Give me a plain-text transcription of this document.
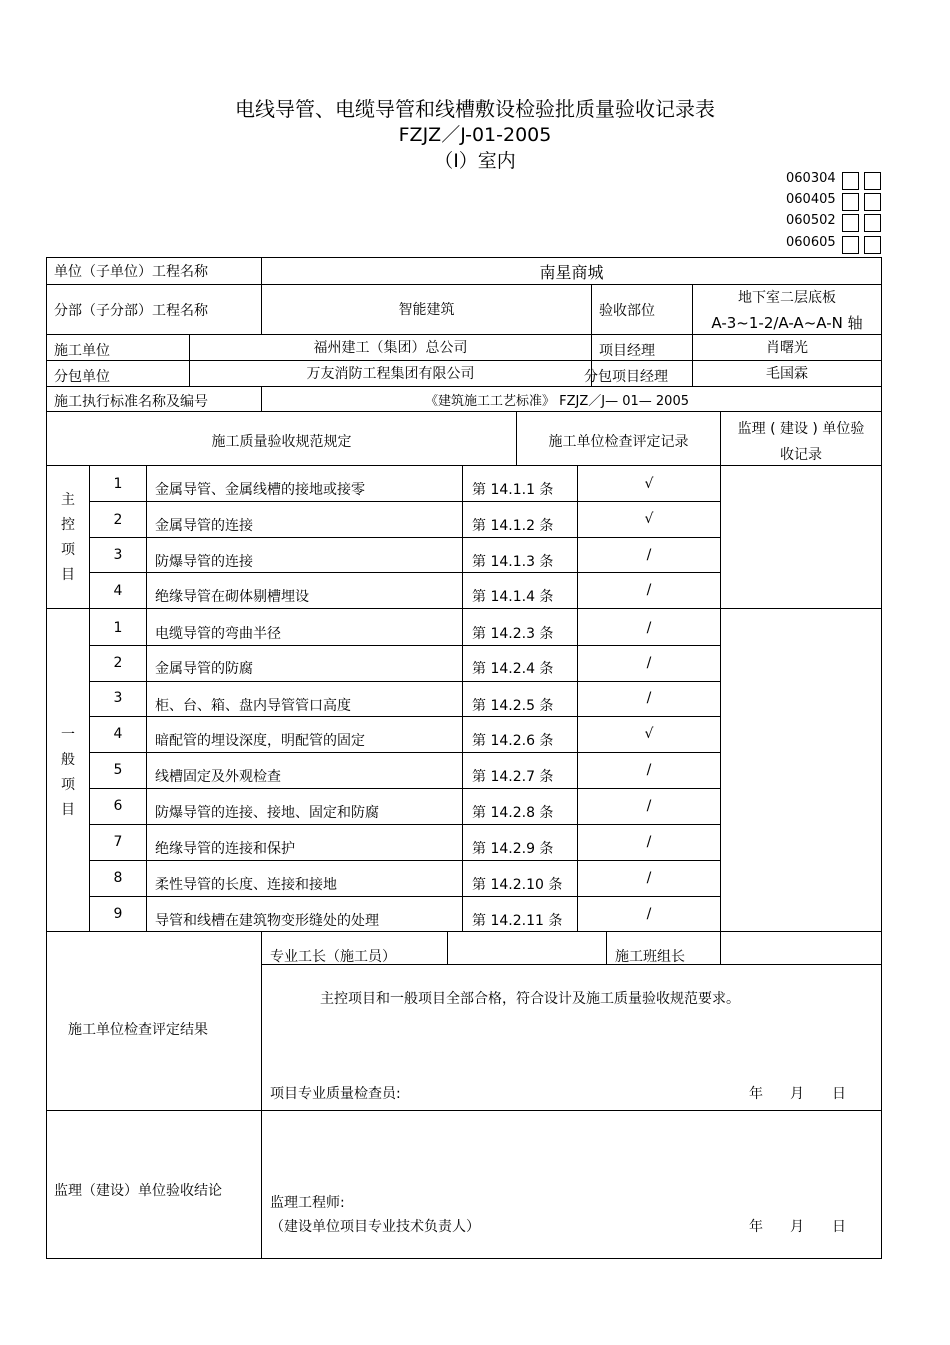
电线导管、电缆导管和线槽敷设检验批质量验收记录表
FZJZ／J-01-2005
（Ⅰ）室内
060304
060405
060502
060605
单位（子单位）工程名称	南星商城
分部（子分部）工程名称	智能建筑	验收部位
地下室二层底板
A-3~1-2/A-A~A-N 轴
施工单位	福州建工（集团）总公司	项目经理	肖曙光
分包单位	万友消防工程集团有限公司	分包项目经理	毛国霖
施工执行标准名称及编号	《建筑施工工艺标准》 FZJZ／J— 01— 2005
施工质量验收规范规定	施工单位检查评定记录
监理 ( 建设 ) 单位验
收记录
主
控
项
目
1	金属导管、金属线槽的接地或接零	第 14.1.1 条	√
2	金属导管的连接	第 14.1.2 条	√
3	防爆导管的连接	第 14.1.3 条	/
4	绝缘导管在砌体剔槽埋设	第 14.1.4 条	/
一
般
项
目
1	电缆导管的弯曲半径	第 14.2.3 条	/
2	金属导管的防腐	第 14.2.4 条	/
3	柜、台、箱、盘内导管管口高度	第 14.2.5 条	/
4	暗配管的埋设深度，明配管的固定	第 14.2.6 条	√
5	线槽固定及外观检查	第 14.2.7 条	/
6	防爆导管的连接、接地、固定和防腐	第 14.2.8 条	/
7	绝缘导管的连接和保护	第 14.2.9 条	/
8	柔性导管的长度、连接和接地	第 14.2.10 条	/
9	导管和线槽在建筑物变形缝处的处理	第 14.2.11 条	/
施工单位检查评定结果
专业工长（施工员）	施工班组长
主控项目和一般项目全部合格，符合设计及施工质量验收规范要求。
项目专业质量检查员:	年 月 日
监理（建设）单位验收结论
监理工程师:
（建设单位项目专业技术负责人）	年 月 日
